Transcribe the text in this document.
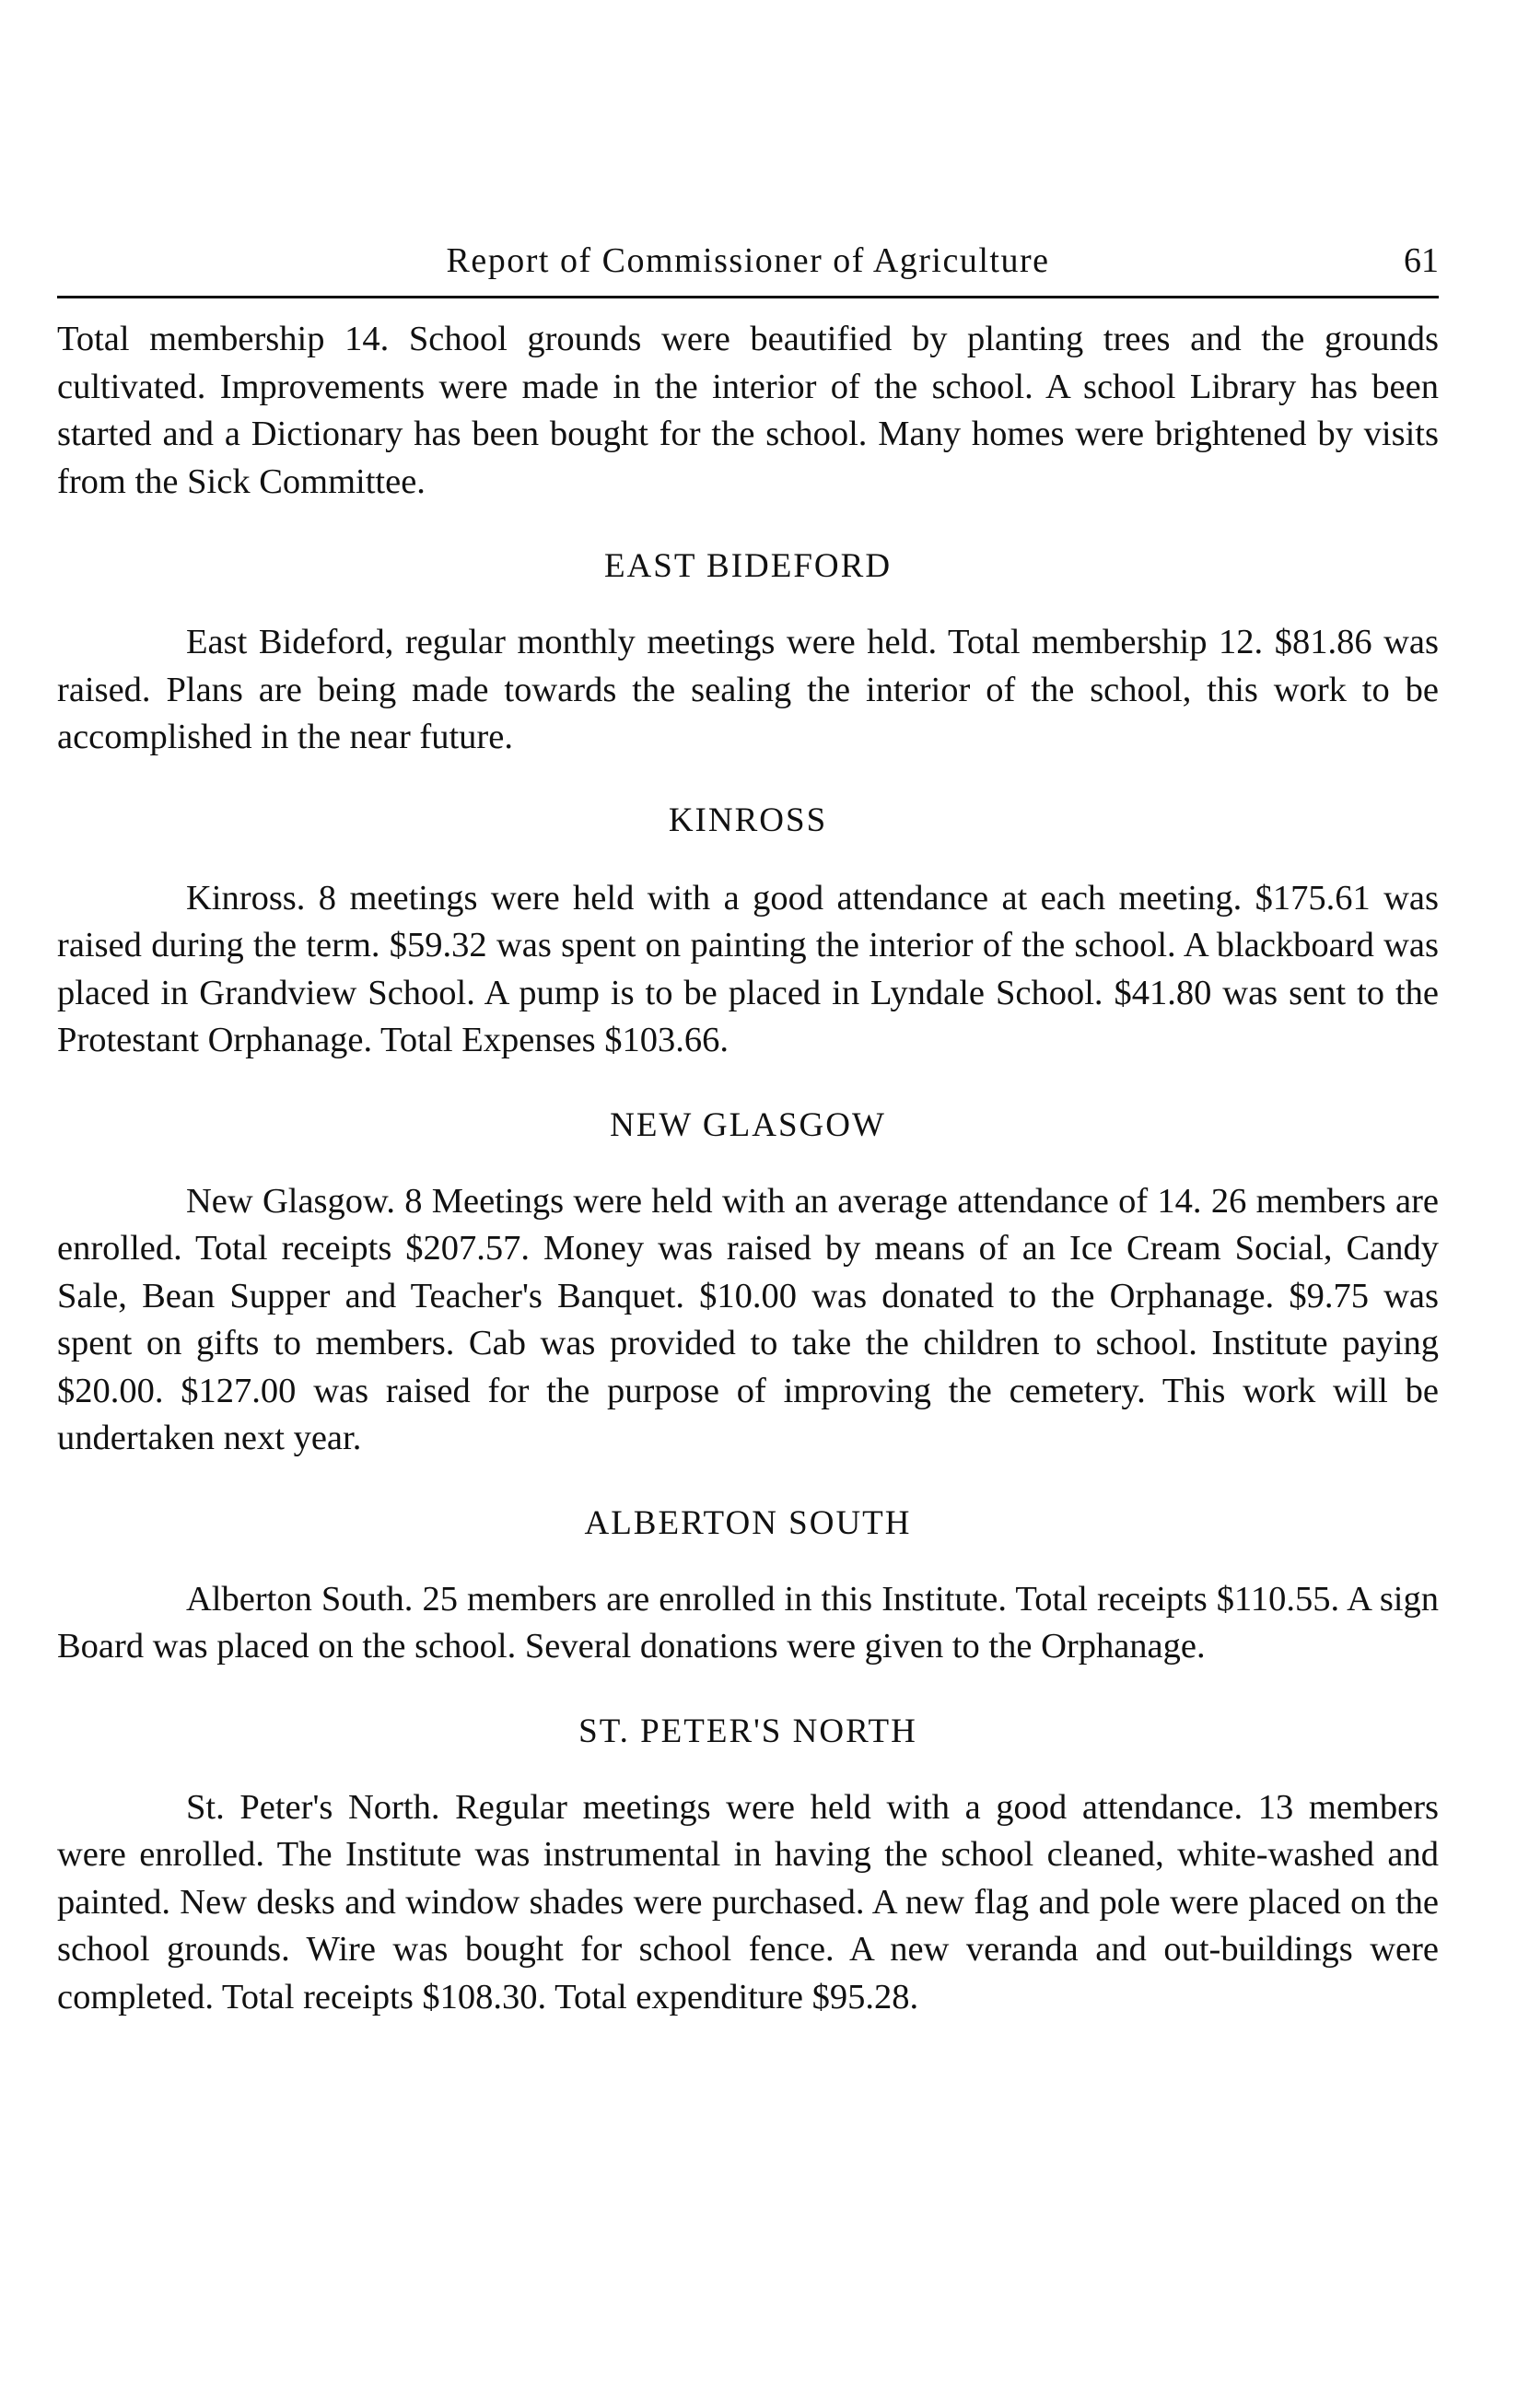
Report of Commissioner of Agriculture	61

Total membership 14. School grounds were beautified by planting trees and the grounds cultivated. Improvements were made in the interior of the school. A school Library has been started and a Dictionary has been bought for the school. Many homes were brightened by visits from the Sick Committee.

EAST BIDEFORD

East Bideford, regular monthly meetings were held. Total membership 12. $81.86 was raised. Plans are being made towards the sealing the interior of the school, this work to be accomplished in the near future.

KINROSS

Kinross. 8 meetings were held with a good attendance at each meeting. $175.61 was raised during the term. $59.32 was spent on painting the interior of the school. A blackboard was placed in Grandview School. A pump is to be placed in Lyndale School. $41.80 was sent to the Protestant Orphanage. Total Expenses $103.66.

NEW GLASGOW

New Glasgow. 8 Meetings were held with an average attendance of 14. 26 members are enrolled. Total receipts $207.57. Money was raised by means of an Ice Cream Social, Candy Sale, Bean Supper and Teacher's Banquet. $10.00 was donated to the Orphanage. $9.75 was spent on gifts to members. Cab was provided to take the children to school. Institute paying $20.00. $127.00 was raised for the purpose of improving the cemetery. This work will be undertaken next year.

ALBERTON SOUTH

Alberton South. 25 members are enrolled in this Institute. Total receipts $110.55. A sign Board was placed on the school. Several donations were given to the Orphanage.

ST. PETER'S NORTH

St. Peter's North. Regular meetings were held with a good attendance. 13 members were enrolled. The Institute was instrumental in having the school cleaned, white-washed and painted. New desks and window shades were purchased. A new flag and pole were placed on the school grounds. Wire was bought for school fence. A new veranda and out-buildings were completed. Total receipts $108.30. Total expenditure $95.28.
